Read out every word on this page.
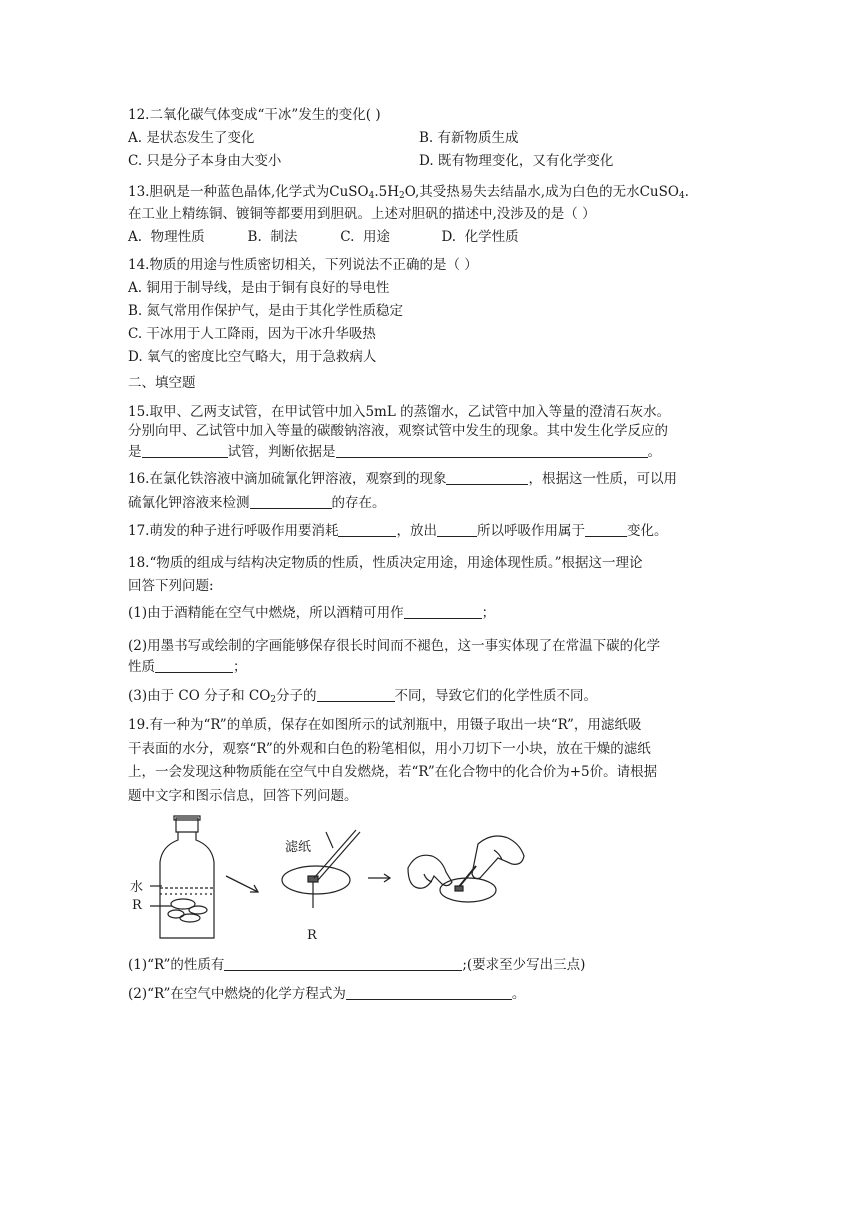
12.二氧化碳气体变成“干冰”发生的变化( )
A. 是状态发生了变化	B. 有新物质生成
C. 只是分子本身由大变小	D. 既有物理变化，又有化学变化
13.胆矾是一种蓝色晶体,化学式为$CuSO_4.5H_2O$,其受热易失去结晶水,成为白色的无水CuSO$_4$.
在工业上精练铜、镀铜等都要用到胆矾。上述对胆矾的描述中,没涉及的是（ ）
A.  物理性质          B.  制法          C.  用途            D.  化学性质
14.物质的用途与性质密切相关，下列说法不正确的是（ ）
A. 铜用于制导线，是由于铜有良好的导电性
B. 氮气常用作保护气，是由于其化学性质稳定
C. 干冰用于人工降雨，因为干冰升华吸热
D. 氧气的密度比空气略大，用于急救病人
二、填空题
15.取甲、乙两支试管，在甲试管中加入5mL 的蒸馏水，乙试管中加入等量的澄清石灰水。
分别向甲、乙试管中加入等量的碳酸钠溶液，观察试管中发生的现象。其中发生化学反应的
是	试管，判断依据是	。
16.在氯化铁溶液中滴加硫氰化钾溶液，观察到的现象	，根据这一性质，可以用
硫氰化钾溶液来检测	的存在。
17.萌发的种子进行呼吸作用要消耗	，放出	所以呼吸作用属于	变化。
18.“物质的组成与结构决定物质的性质，性质决定用途，用途体现性质。”根据这一理论
回答下列问题:
(1)由于酒精能在空气中燃烧，所以酒精可用作	；
(2)用墨书写或绘制的字画能够保存很长时间而不褪色，这一事实体现了在常温下碳的化学
性质	；
(3)由于 CO 分子和 $CO_2$分子的	不同，导致它们的化学性质不同。
19.有一种为“R”的单质，保存在如图所示的试剂瓶中，用镊子取出一块“R”，用滤纸吸
干表面的水分，观察“R”的外观和白色的粉笔相似，用小刀切下一小块，放在干燥的滤纸
上，一会发现这种物质能在空气中自发燃烧，若“R”在化合物中的化合价为+5价。请根据
题中文字和图示信息，回答下列问题。
水
R
滤纸
R
(1)“R”的性质有	;(要求至少写出三点)
(2)“R”在空气中燃烧的化学方程式为	。
